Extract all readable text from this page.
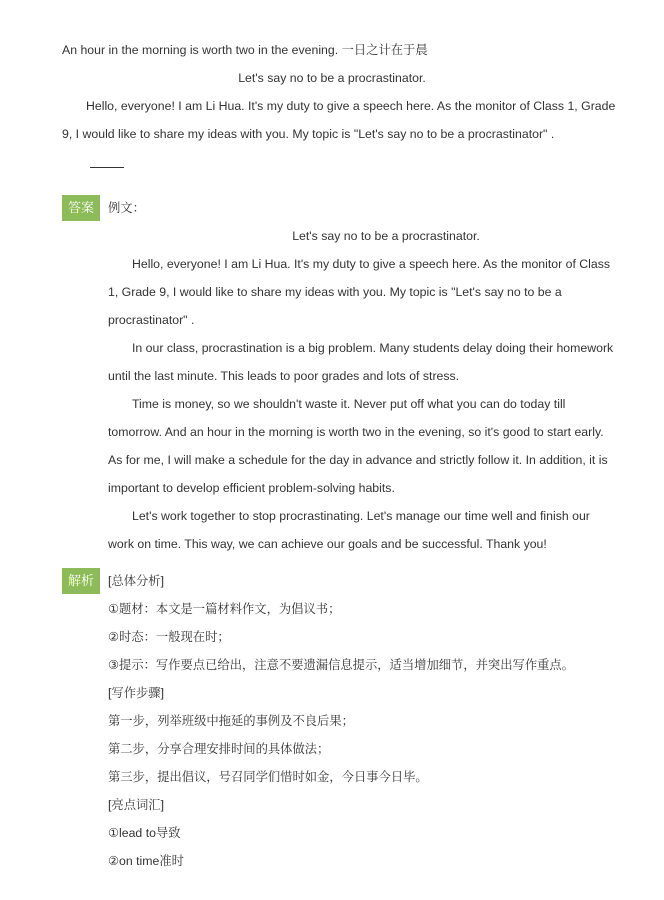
An hour in the morning is worth two in the evening. 一日之计在于晨
Let's say no to be a procrastinator.
Hello, everyone! I am Li Hua. It's my duty to give a speech here. As the monitor of Class 1, Grade
9, I would like to share my ideas with you. My topic is "Let's say no to be a procrastinator" .
答案	例文：
Let's say no to be a procrastinator.
Hello, everyone! I am Li Hua. It's my duty to give a speech here. As the monitor of Class
1, Grade 9, I would like to share my ideas with you. My topic is "Let's say no to be a
procrastinator" .
In our class, procrastination is a big problem. Many students delay doing their homework
until the last minute. This leads to poor grades and lots of stress.
Time is money, so we shouldn't waste it. Never put off what you can do today till
tomorrow. And an hour in the morning is worth two in the evening, so it's good to start early.
As for me, I will make a schedule for the day in advance and strictly follow it. In addition, it is
important to develop efficient problem-solving habits.
Let's work together to stop procrastinating. Let's manage our time well and finish our
work on time. This way, we can achieve our goals and be successful. Thank you!
解析	[总体分析]
①题材：本文是一篇材料作文，为倡议书；
②时态：一般现在时；
③提示：写作要点已给出，注意不要遗漏信息提示，适当增加细节，并突出写作重点。
[写作步骤]
第一步，列举班级中拖延的事例及不良后果；
第二步，分享合理安排时间的具体做法；
第三步，提出倡议，号召同学们惜时如金，今日事今日毕。
[亮点词汇]
①lead to导致
②on time准时
